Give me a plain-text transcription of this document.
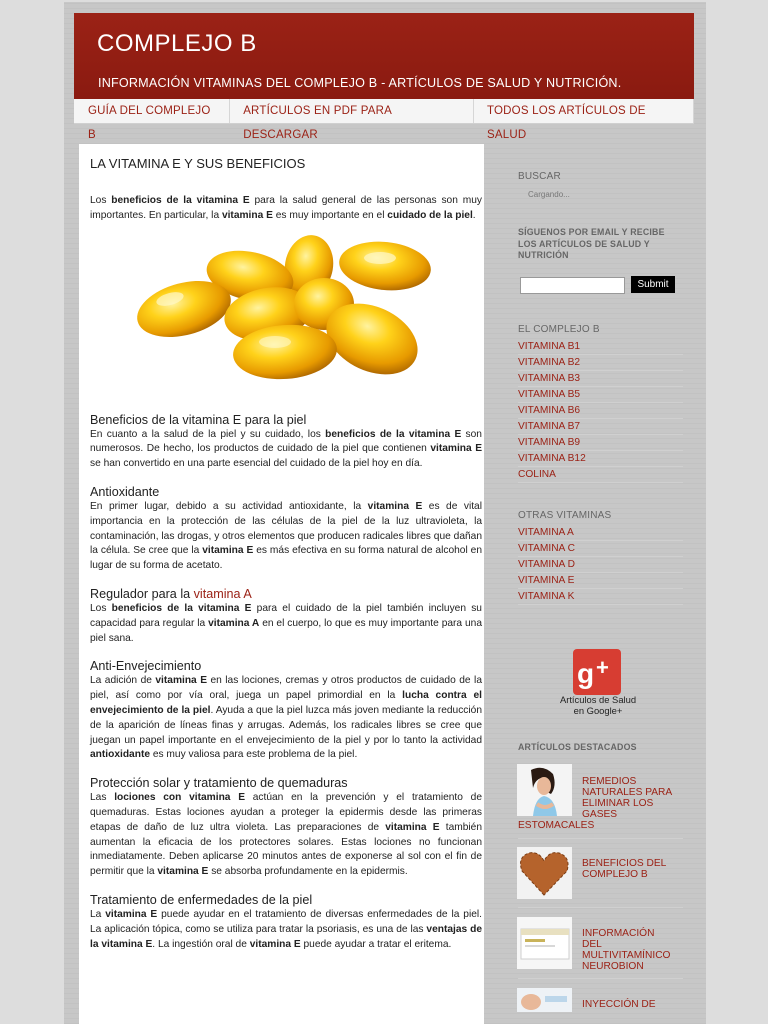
COMPLEJO B
INFORMACIÓN VITAMINAS DEL COMPLEJO B - ARTÍCULOS DE SALUD Y NUTRICIÓN.
GUÍA DEL COMPLEJO B
ARTÍCULOS EN PDF PARA DESCARGAR
TODOS LOS ARTÍCULOS DE SALUD
LA VITAMINA E Y SUS BENEFICIOS

Los beneficios de la vitamina E para la salud general de las personas son muy importantes. En particular, la vitamina E es muy importante en el cuidado de la piel.

Beneficios de la vitamina E para la piel

En cuanto a la salud de la piel y su cuidado, los beneficios de la vitamina E son numerosos. De hecho, los productos de cuidado de la piel que contienen vitamina E se han convertido en una parte esencial del cuidado de la piel hoy en día.

Antioxidante

En primer lugar, debido a su actividad antioxidante, la vitamina E es de vital importancia en la protección de las células de la piel de la luz ultravioleta, la contaminación, las drogas, y otros elementos que producen radicales libres que dañan la célula. Se cree que la vitamina E es más efectiva en su forma natural de alcohol en lugar de su forma de acetato.

Regulador para la vitamina A

Los beneficios de la vitamina E para el cuidado de la piel también incluyen su capacidad para regular la vitamina A en el cuerpo, lo que es muy importante para una piel sana.

Anti-Envejecimiento

La adición de vitamina E en las lociones, cremas y otros productos de cuidado de la piel, así como por vía oral, juega un papel primordial en la lucha contra el envejecimiento de la piel. Ayuda a que la piel luzca más joven mediante la reducción de la aparición de líneas finas y arrugas. Además, los radicales libres se cree que juegan un papel importante en el envejecimiento de la piel y por lo tanto la actividad antioxidante es muy valiosa para este problema de la piel.

Protección solar y tratamiento de quemaduras

Las lociones con vitamina E actúan en la prevención y el tratamiento de quemaduras. Estas lociones ayudan a proteger la epidermis desde las primeras etapas de daño de luz ultra violeta. Las preparaciones de vitamina E también aumentan la eficacia de los protectores solares. Estas lociones no funcionan inmediatamente. Deben aplicarse 20 minutos antes de exponerse al sol con el fin de permitir que la vitamina E se absorba profundamente en la epidermis.

Tratamiento de enfermedades de la piel

La vitamina E puede ayudar en el tratamiento de diversas enfermedades de la piel. La aplicación tópica, como se utiliza para tratar la psoriasis, es una de las ventajas de la vitamina E. La ingestión oral de vitamina E puede ayudar a tratar el eritema.

BUSCAR
Cargando...
SÍGUENOS POR EMAIL Y RECIBE LOS ARTÍCULOS DE SALUD Y NUTRICIÓN
Submit
EL COMPLEJO B
VITAMINA B1
VITAMINA B2
VITAMINA B3
VITAMINA B5
VITAMINA B6
VITAMINA B7
VITAMINA B9
VITAMINA B12
COLINA
OTRAS VITAMINAS
VITAMINA A
VITAMINA C
VITAMINA D
VITAMINA E
VITAMINA K
g +
Artículos de Salud
en Google+
ARTÍCULOS DESTACADOS
REMEDIOS
NATURALES PARA
ELIMINAR LOS
GASES
ESTOMACALES
BENEFICIOS DEL
COMPLEJO B
INFORMACIÓN
DEL
MULTIVITAMÍNICO
NEUROBION
INYECCIÓN DE
